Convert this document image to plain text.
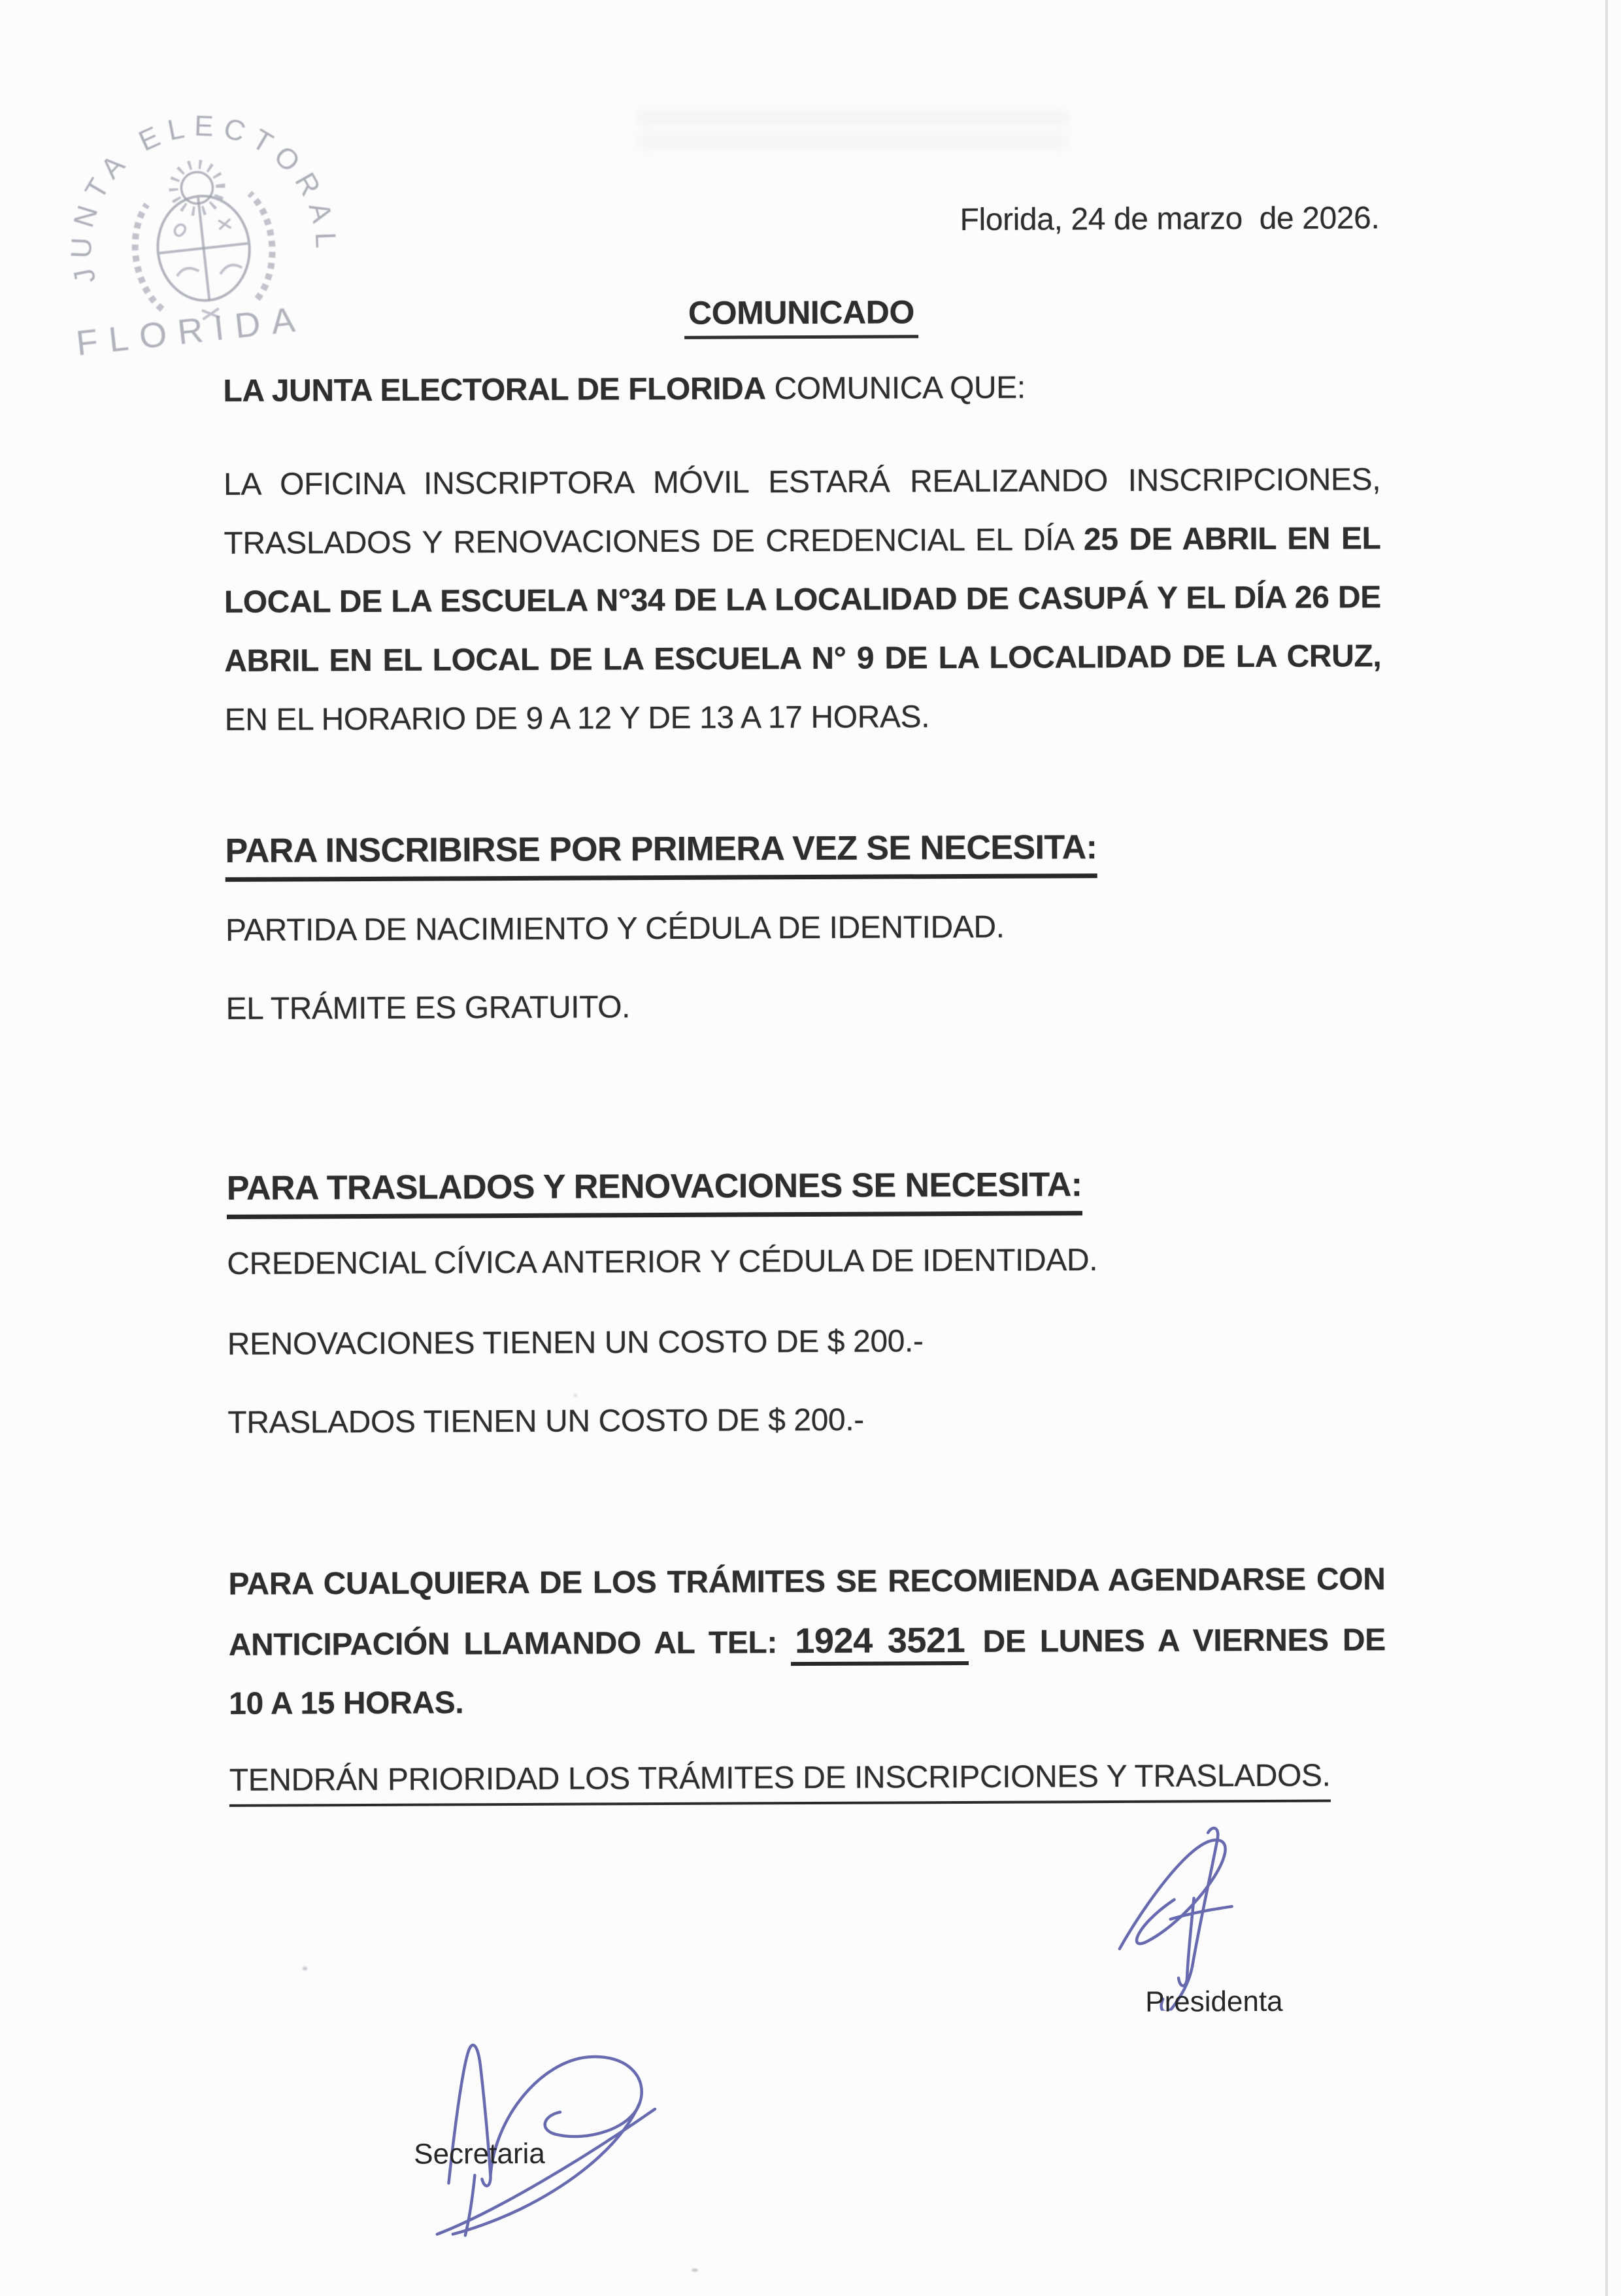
JUNTA ELECTORAL
FLORIDA
Florida, 24 de marzo  de 2026.
COMUNICADO
LA JUNTA ELECTORAL DE FLORIDA COMUNICA QUE:
LA OFICINA INSCRIPTORA MÓVIL ESTARÁ REALIZANDO INSCRIPCIONES,
TRASLADOS Y RENOVACIONES DE CREDENCIAL EL DÍA 25 DE ABRIL EN EL
LOCAL DE LA ESCUELA N°34 DE LA LOCALIDAD DE CASUPÁ Y EL DÍA 26 DE
ABRIL EN EL LOCAL DE LA ESCUELA N° 9 DE LA LOCALIDAD DE LA CRUZ,
EN EL HORARIO DE 9 A 12 Y DE 13 A 17 HORAS.
PARA INSCRIBIRSE POR PRIMERA VEZ SE NECESITA:
PARTIDA DE NACIMIENTO Y CÉDULA DE IDENTIDAD.
EL TRÁMITE ES GRATUITO.
PARA TRASLADOS Y RENOVACIONES SE NECESITA:
CREDENCIAL CÍVICA ANTERIOR Y CÉDULA DE IDENTIDAD.
RENOVACIONES TIENEN UN COSTO DE $ 200.-
TRASLADOS TIENEN UN COSTO DE $ 200.-
PARA CUALQUIERA DE LOS TRÁMITES SE RECOMIENDA AGENDARSE CON
ANTICIPACIÓN LLAMANDO AL TEL: 1924 3521 DE LUNES A VIERNES DE
10 A 15 HORAS.
TENDRÁN PRIORIDAD LOS TRÁMITES DE INSCRIPCIONES Y TRASLADOS.
Presidenta
Secretaria
